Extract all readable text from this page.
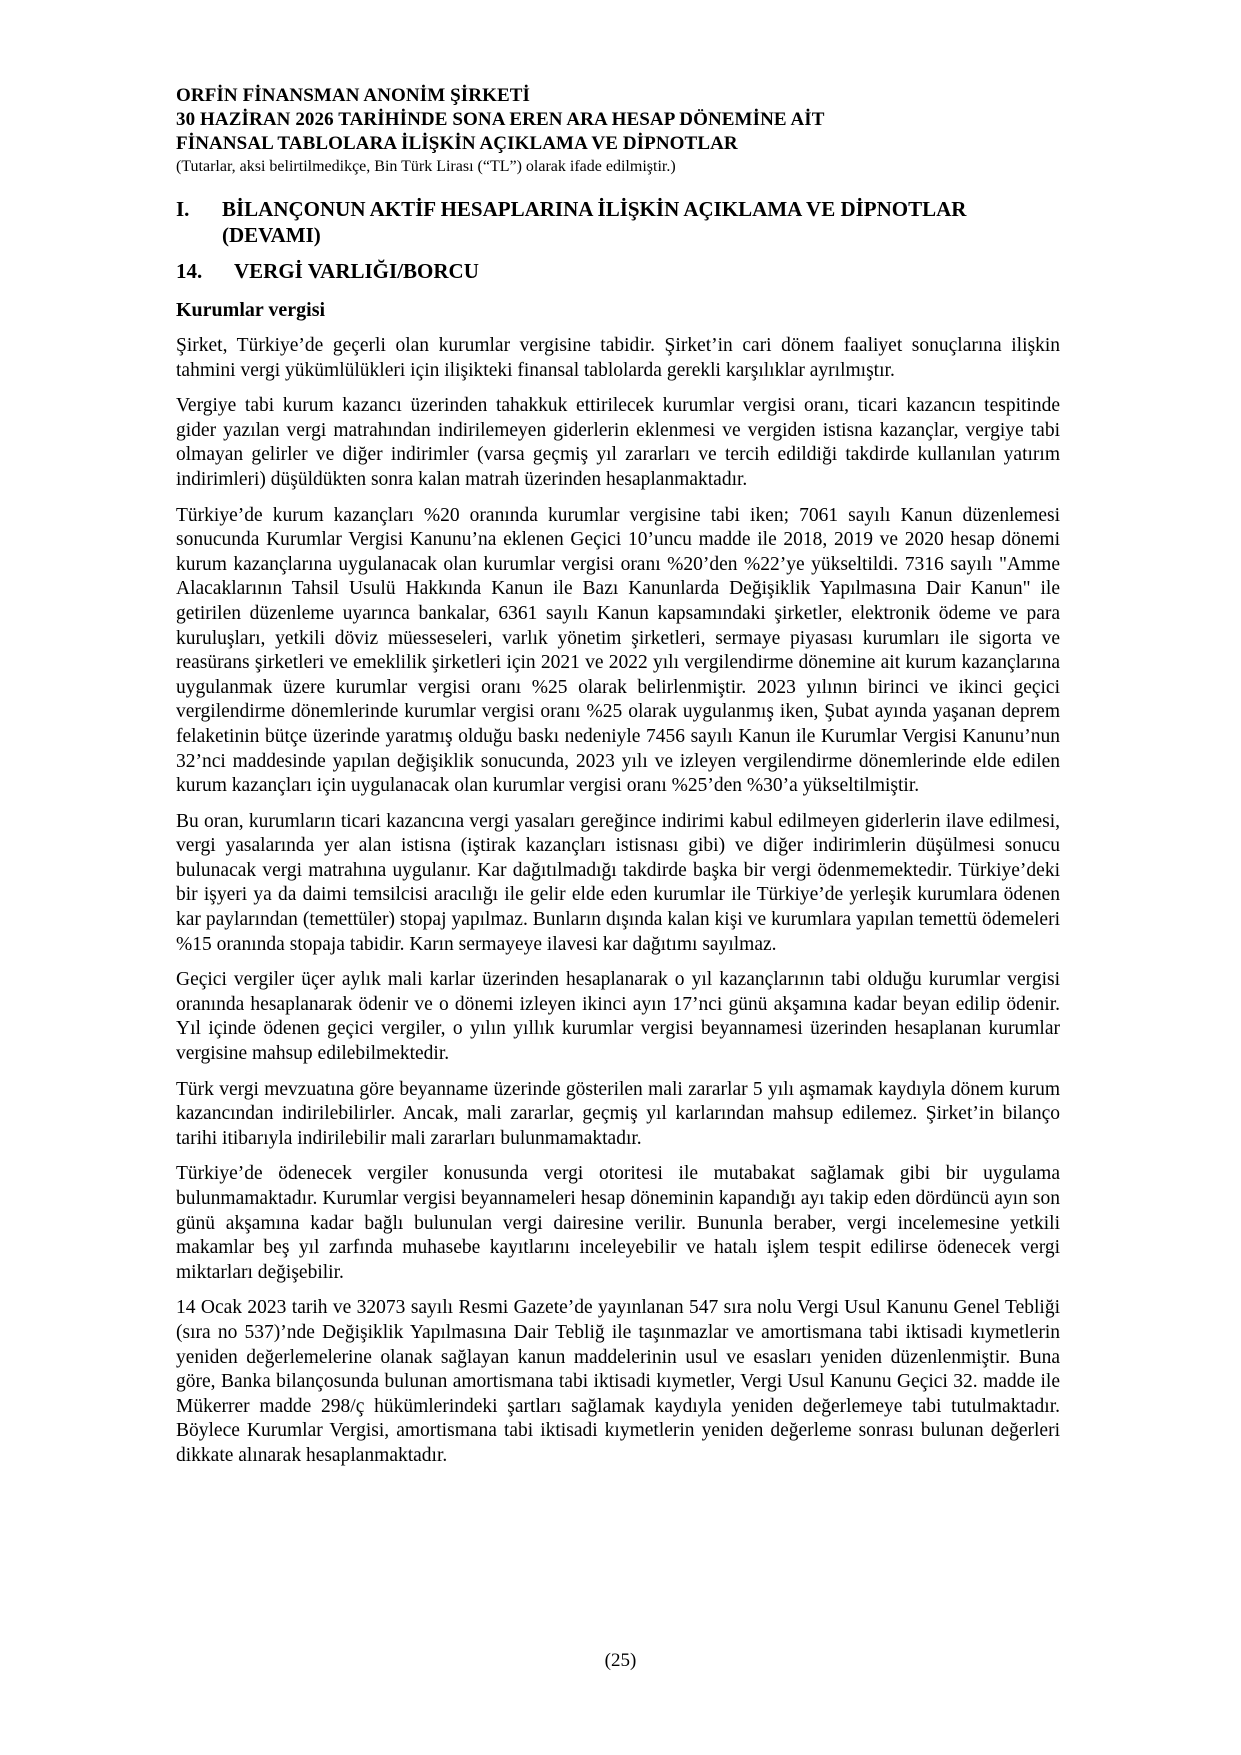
ORFİN FİNANSMAN ANONİM ŞİRKETİ
30 HAZİRAN 2026 TARİHİNDE SONA EREN ARA HESAP DÖNEMİNE AİT
FİNANSAL TABLOLARA İLİŞKİN AÇIKLAMA VE DİPNOTLAR
(Tutarlar, aksi belirtilmedikçe, Bin Türk Lirası (“TL”) olarak ifade edilmiştir.)
I.	BİLANÇONUN AKTİF HESAPLARINA İLİŞKİN AÇIKLAMA VE DİPNOTLAR (DEVAMI)
14.	VERGİ VARLIĞI/BORCU
Kurumlar vergisi

Şirket, Türkiye’de geçerli olan kurumlar vergisine tabidir. Şirket’in cari dönem faaliyet sonuçlarına ilişkin tahmini vergi yükümlülükleri için ilişikteki finansal tablolarda gerekli karşılıklar ayrılmıştır.

Vergiye tabi kurum kazancı üzerinden tahakkuk ettirilecek kurumlar vergisi oranı, ticari kazancın tespitinde gider yazılan vergi matrahından indirilemeyen giderlerin eklenmesi ve vergiden istisna kazançlar, vergiye tabi olmayan gelirler ve diğer indirimler (varsa geçmiş yıl zararları ve tercih edildiği takdirde kullanılan yatırım indirimleri) düşüldükten sonra kalan matrah üzerinden hesaplanmaktadır.

Türkiye’de kurum kazançları %20 oranında kurumlar vergisine tabi iken; 7061 sayılı Kanun düzenlemesi sonucunda Kurumlar Vergisi Kanunu’na eklenen Geçici 10’uncu madde ile 2018, 2019 ve 2020 hesap dönemi kurum kazançlarına uygulanacak olan kurumlar vergisi oranı %20’den %22’ye yükseltildi. 7316 sayılı "Amme Alacaklarının Tahsil Usulü Hakkında Kanun ile Bazı Kanunlarda Değişiklik Yapılmasına Dair Kanun" ile getirilen düzenleme uyarınca bankalar, 6361 sayılı Kanun kapsamındaki şirketler, elektronik ödeme ve para kuruluşları, yetkili döviz müesseseleri, varlık yönetim şirketleri, sermaye piyasası kurumları ile sigorta ve reasürans şirketleri ve emeklilik şirketleri için 2021 ve 2022 yılı vergilendirme dönemine ait kurum kazançlarına uygulanmak üzere kurumlar vergisi oranı %25 olarak belirlenmiştir. 2023 yılının birinci ve ikinci geçici vergilendirme dönemlerinde kurumlar vergisi oranı %25 olarak uygulanmış iken, Şubat ayında yaşanan deprem felaketinin bütçe üzerinde yaratmış olduğu baskı nedeniyle 7456 sayılı Kanun ile Kurumlar Vergisi Kanunu’nun 32’nci maddesinde yapılan değişiklik sonucunda, 2023 yılı ve izleyen vergilendirme dönemlerinde elde edilen kurum kazançları için uygulanacak olan kurumlar vergisi oranı %25’den %30’a yükseltilmiştir.

Bu oran, kurumların ticari kazancına vergi yasaları gereğince indirimi kabul edilmeyen giderlerin ilave edilmesi, vergi yasalarında yer alan istisna (iştirak kazançları istisnası gibi) ve diğer indirimlerin düşülmesi sonucu bulunacak vergi matrahına uygulanır. Kar dağıtılmadığı takdirde başka bir vergi ödenmemektedir. Türkiye’deki bir işyeri ya da daimi temsilcisi aracılığı ile gelir elde eden kurumlar ile Türkiye’de yerleşik kurumlara ödenen kar paylarından (temettüler) stopaj yapılmaz. Bunların dışında kalan kişi ve kurumlara yapılan temettü ödemeleri %15 oranında stopaja tabidir. Karın sermayeye ilavesi kar dağıtımı sayılmaz.

Geçici vergiler üçer aylık mali karlar üzerinden hesaplanarak o yıl kazançlarının tabi olduğu kurumlar vergisi oranında hesaplanarak ödenir ve o dönemi izleyen ikinci ayın 17’nci günü akşamına kadar beyan edilip ödenir. Yıl içinde ödenen geçici vergiler, o yılın yıllık kurumlar vergisi beyannamesi üzerinden hesaplanan kurumlar vergisine mahsup edilebilmektedir.

Türk vergi mevzuatına göre beyanname üzerinde gösterilen mali zararlar 5 yılı aşmamak kaydıyla dönem kurum kazancından indirilebilirler. Ancak, mali zararlar, geçmiş yıl karlarından mahsup edilemez. Şirket’in bilanço tarihi itibarıyla indirilebilir mali zararları bulunmamaktadır.

Türkiye’de ödenecek vergiler konusunda vergi otoritesi ile mutabakat sağlamak gibi bir uygulama bulunmamaktadır. Kurumlar vergisi beyannameleri hesap döneminin kapandığı ayı takip eden dördüncü ayın son günü akşamına kadar bağlı bulunulan vergi dairesine verilir. Bununla beraber, vergi incelemesine yetkili makamlar beş yıl zarfında muhasebe kayıtlarını inceleyebilir ve hatalı işlem tespit edilirse ödenecek vergi miktarları değişebilir.

14 Ocak 2023 tarih ve 32073 sayılı Resmi Gazete’de yayınlanan 547 sıra nolu Vergi Usul Kanunu Genel Tebliği (sıra no 537)’nde Değişiklik Yapılmasına Dair Tebliğ ile taşınmazlar ve amortismana tabi iktisadi kıymetlerin yeniden değerlemelerine olanak sağlayan kanun maddelerinin usul ve esasları yeniden düzenlenmiştir. Buna göre, Banka bilançosunda bulunan amortismana tabi iktisadi kıymetler, Vergi Usul Kanunu Geçici 32. madde ile Mükerrer madde 298/ç hükümlerindeki şartları sağlamak kaydıyla yeniden değerlemeye tabi tutulmaktadır. Böylece Kurumlar Vergisi, amortismana tabi iktisadi kıymetlerin yeniden değerleme sonrası bulunan değerleri dikkate alınarak hesaplanmaktadır.

(25)
